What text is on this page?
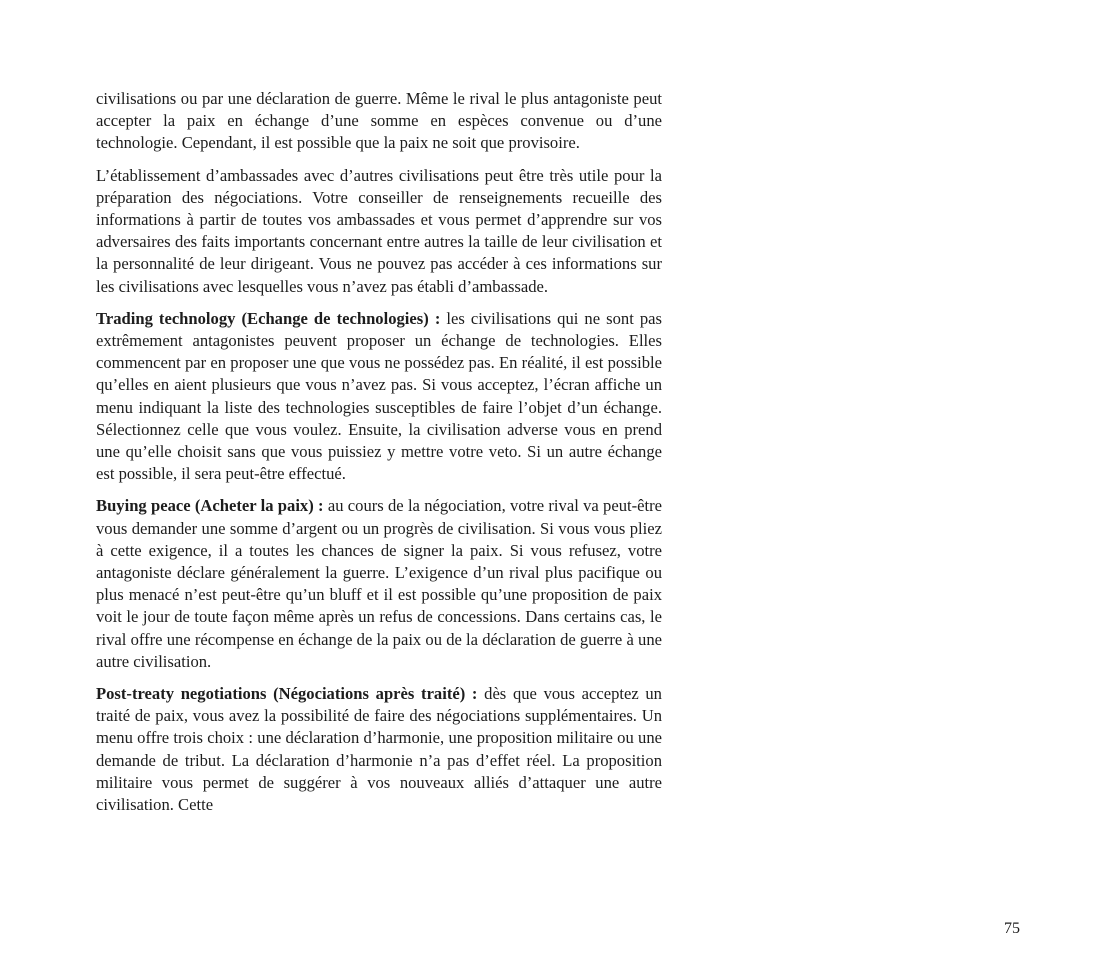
civilisations ou par une déclaration de guerre. Même le rival le plus antagoniste peut accepter la paix en échange d’une somme en espèces convenue ou d’une technologie. Cependant, il est possible que la paix ne soit que provisoire.

L’établissement d’ambassades avec d’autres civilisations peut être très utile pour la préparation des négociations. Votre conseiller de renseignements recueille des informations à partir de toutes vos ambassades et vous permet d’apprendre sur vos adversaires des faits importants concernant entre autres la taille de leur civilisation et la personnalité de leur dirigeant. Vous ne pouvez pas accéder à ces informations sur les civilisations avec lesquelles vous n’avez pas établi d’ambassade.

Trading technology (Echange de technologies) : les civilisations qui ne sont pas extrêmement antagonistes peuvent proposer un échange de technologies. Elles commencent par en proposer une que vous ne possédez pas. En réalité, il est possible qu’elles en aient plusieurs que vous n’avez pas. Si vous acceptez, l’écran affiche un menu indiquant la liste des technologies susceptibles de faire l’objet d’un échange. Sélectionnez celle que vous voulez. Ensuite, la civilisation adverse vous en prend une qu’elle choisit sans que vous puissiez y mettre votre veto. Si un autre échange est possible, il sera peut-être effectué.

Buying peace (Acheter la paix) : au cours de la négociation, votre rival va peut-être vous demander une somme d’argent ou un progrès de civilisation. Si vous vous pliez à cette exigence, il a toutes les chances de signer la paix. Si vous refusez, votre antagoniste déclare généralement la guerre. L’exigence d’un rival plus pacifique ou plus menacé n’est peut-être qu’un bluff et il est possible qu’une proposition de paix voit le jour de toute façon même après un refus de concessions. Dans certains cas, le rival offre une récompense en échange de la paix ou de la déclaration de guerre à une autre civilisation.

Post-treaty negotiations (Négociations après traité) : dès que vous acceptez un traité de paix, vous avez la possibilité de faire des négociations supplémentaires. Un menu offre trois choix : une déclaration d’harmonie, une proposition militaire ou une demande de tribut. La déclaration d’harmonie n’a pas d’effet réel. La proposition militaire vous permet de suggérer à vos nouveaux alliés d’attaquer une autre civilisation. Cette

75
